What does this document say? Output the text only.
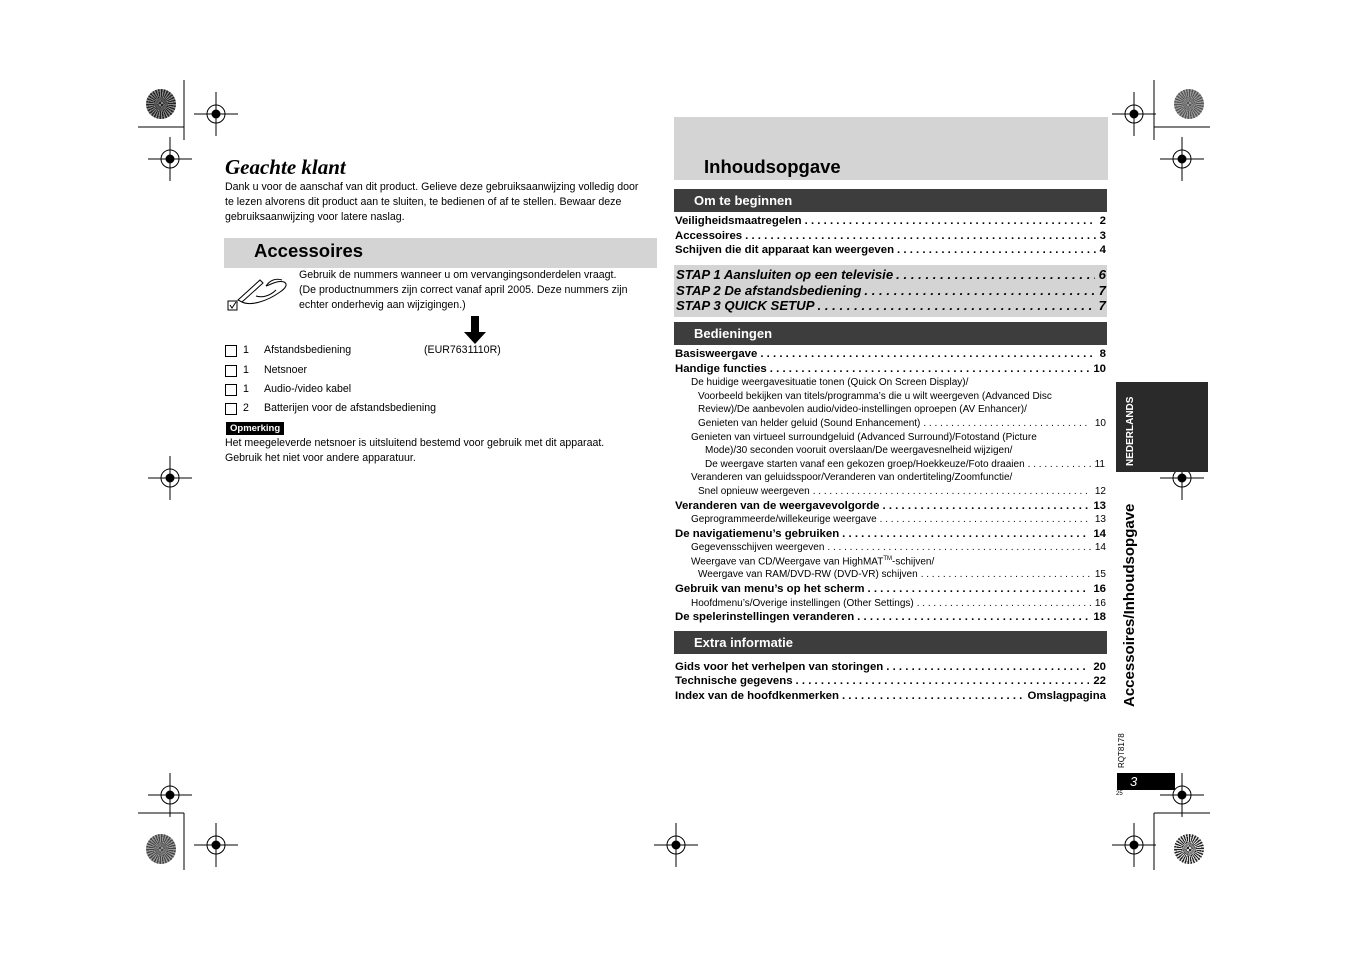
Geachte klant
Dank u voor de aanschaf van dit product. Gelieve deze gebruiksaanwijzing volledig door te lezen alvorens dit product aan te sluiten, te bedienen of af te stellen. Bewaar deze gebruiksaanwijzing voor latere naslag.
Accessoires
Gebruik de nummers wanneer u om vervangingsonderdelen vraagt.
(De productnummers zijn correct vanaf april 2005. Deze nummers zijn
echter onderhevig aan wijzigingen.)
1 Afstandsbediening	(EUR7631110R)
1 Netsnoer
1 Audio-/video kabel
2 Batterijen voor de afstandsbediening
Opmerking
Het meegeleverde netsnoer is uitsluitend bestemd voor gebruik met dit apparaat.
Gebruik het niet voor andere apparatuur.
Inhoudsopgave
Om te beginnen
Veiligheidsmaatregelen . . .	2
Accessoires . . .	3
Schijven die dit apparaat kan weergeven . . .	4
STAP 1 Aansluiten op een televisie . . .	6
STAP 2 De afstandsbediening . . .	7
STAP 3 QUICK SETUP . . .	7
Bedieningen
Basisweergave . . .	8
Handige functies . . .	10
De huidige weergavesituatie tonen (Quick On Screen Display)/
Voorbeeld bekijken van titels/programma’s die u wilt weergeven (Advanced Disc
Review)/De aanbevolen audio/video-instellingen oproepen (AV Enhancer)/
Genieten van helder geluid (Sound Enhancement) . . .	10
Genieten van virtueel surroundgeluid (Advanced Surround)/Fotostand (Picture
Mode)/30 seconden vooruit overslaan/De weergavesnelheid wijzigen/
De weergave starten vanaf een gekozen groep/Hoekkeuze/Foto draaien . . .	11
Veranderen van geluidsspoor/Veranderen van ondertiteling/Zoomfunctie/
Snel opnieuw weergeven . . .	12
Veranderen van de weergavevolgorde . . .	13
Geprogrammeerde/willekeurige weergave . . .	13
De navigatiemenu’s gebruiken . . .	14
Gegevensschijven weergeven . . .	14
Weergave van CD/Weergave van HighMAT™-schijven/
Weergave van RAM/DVD-RW (DVD-VR) schijven . . .	15
Gebruik van menu’s op het scherm . . .	16
Hoofdmenu’s/Overige instellingen (Other Settings) . . .	16
De spelerinstellingen veranderen . . .	18
Extra informatie
Gids voor het verhelpen van storingen . . .	20
Technische gegevens . . .	22
Index van de hoofdkenmerken . . .	Omslagpagina
NEDERLANDS
Accessoires/Inhoudsopgave
RQT8178
3
25
